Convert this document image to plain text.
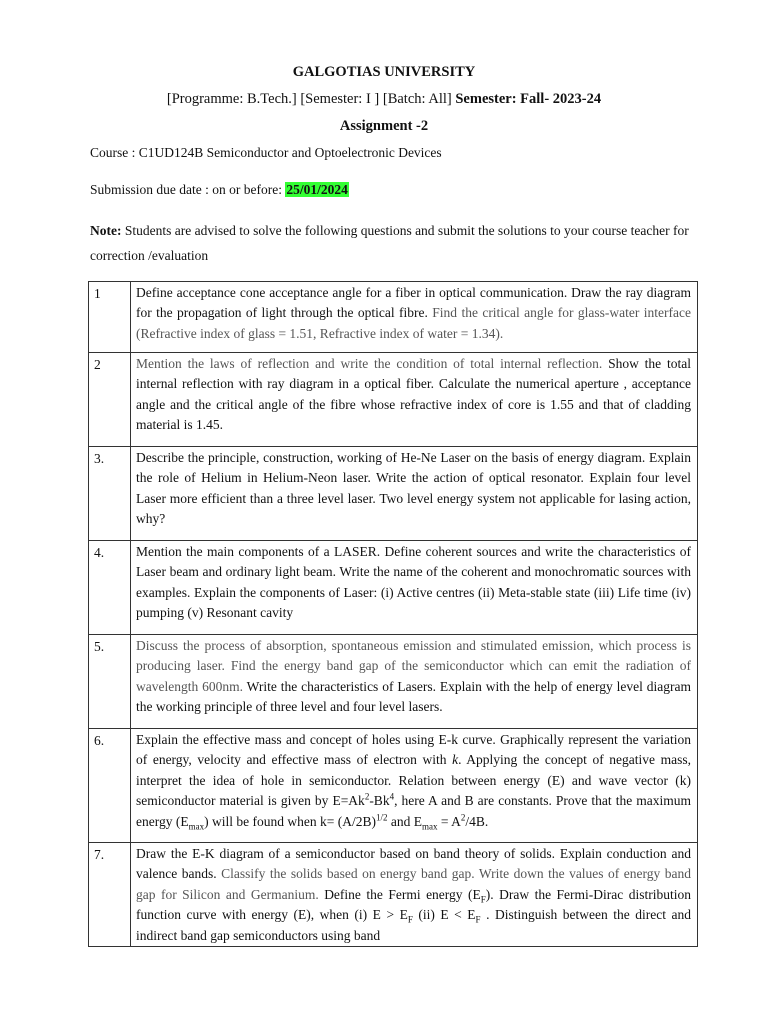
GALGOTIAS UNIVERSITY
[Programme: B.Tech.] [Semester: I ] [Batch: All] Semester: Fall- 2023-24
Assignment -2
Course : C1UD124B Semiconductor and Optoelectronic Devices
Submission due date : on or before: 25/01/2024
Note: Students are advised to solve the following questions and submit the solutions to your course teacher for correction /evaluation
1	Define acceptance cone acceptance angle for a fiber in optical communication. Draw the ray diagram for the propagation of light through the optical fibre. Find the critical angle for glass-water interface (Refractive index of glass = 1.51, Refractive index of water = 1.34).
2	Mention the laws of reflection and write the condition of total internal reflection. Show the total internal reflection with ray diagram in a optical fiber. Calculate the numerical aperture , acceptance angle and the critical angle of the fibre whose refractive index of core is 1.55 and that of cladding material is 1.45.
3.	Describe the principle, construction, working of He-Ne Laser on the basis of energy diagram. Explain the role of Helium in Helium-Neon laser. Write the action of optical resonator. Explain four level Laser more efficient than a three level laser. Two level energy system not applicable for lasing action, why?
4.	Mention the main components of a LASER. Define coherent sources and write the characteristics of Laser beam and ordinary light beam. Write the name of the coherent and monochromatic sources with examples. Explain the components of Laser: (i) Active centres (ii) Meta-stable state (iii) Life time (iv) pumping (v) Resonant cavity
5.	Discuss the process of absorption, spontaneous emission and stimulated emission, which process is producing laser. Find the energy band gap of the semiconductor which can emit the radiation of wavelength 600nm. Write the characteristics of Lasers. Explain with the help of energy level diagram the working principle of three level and four level lasers.
6.	Explain the effective mass and concept of holes using E-k curve. Graphically represent the variation of energy, velocity and effective mass of electron with k. Applying the concept of negative mass, interpret the idea of hole in semiconductor. Relation between energy (E) and wave vector (k) semiconductor material is given by $E=Ak^2-Bk^4$, here A and B are constants. Prove that the maximum energy $(E_{max})$ will be found when $k= (A/2B)^{1/2}$ and $E_{max} = A^2/4B$.
7.	Draw the E-K diagram of a semiconductor based on band theory of solids. Explain conduction and valence bands. Classify the solids based on energy band gap. Write down the values of energy band gap for Silicon and Germanium. Define the Fermi energy $(E_F)$. Draw the Fermi-Dirac distribution function curve with energy (E), when (i) $E > E_F$ (ii) $E < E_F$ . Distinguish between the direct and indirect band gap semiconductors using band
